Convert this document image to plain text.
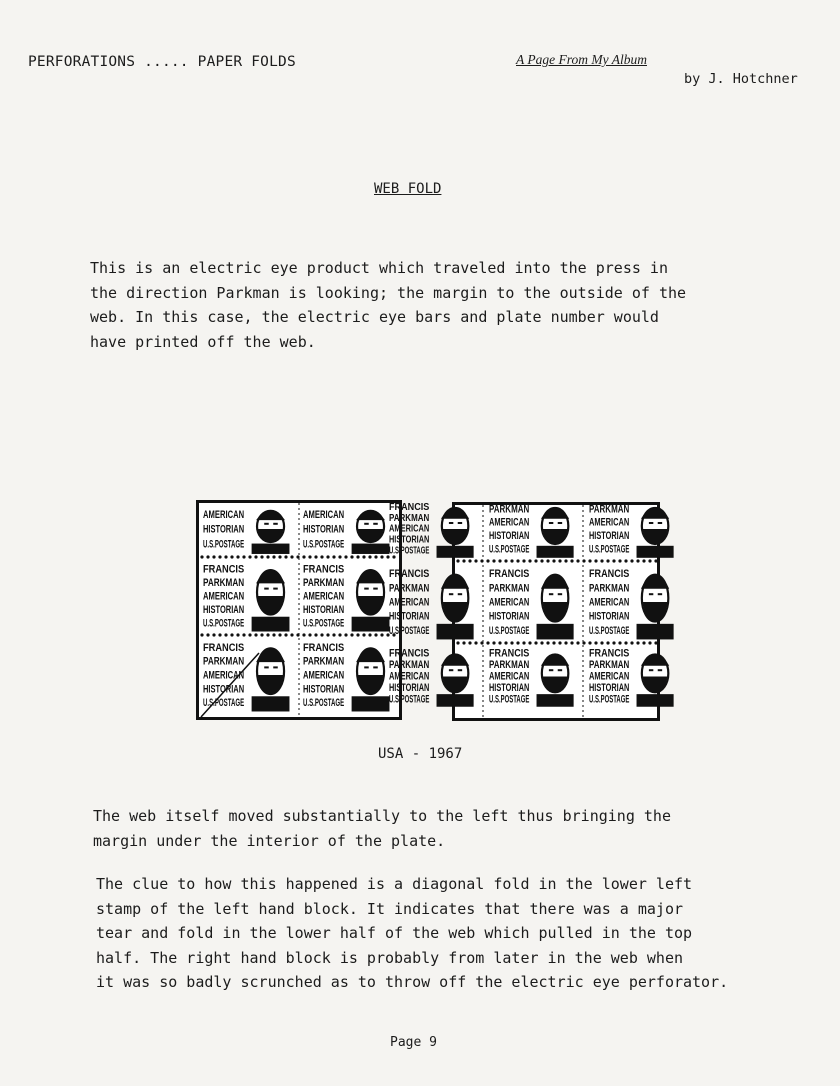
PERFORATIONS ..... PAPER FOLDS	A Page From My Album
by J. Hotchner
WEB FOLD
This is an electric eye product which traveled into the press in
the direction Parkman is looking; the margin to the outside of the
web. In this case, the electric eye bars and plate number would
have printed off the web.
AMERICAN
HISTORIAN
U.S.POSTAGE
AMERICAN
HISTORIAN
U.S.POSTAGE
FRANCIS
PARKMAN
AMERICAN
HISTORIAN
U.S.POSTAGE
FRANCIS
PARKMAN
AMERICAN
HISTORIAN
U.S.POSTAGE
FRANCIS
PARKMAN
AMERICAN
HISTORIAN
U.S.POSTAGE
FRANCIS
PARKMAN
AMERICAN
HISTORIAN
U.S.POSTAGE
PARKMAN
AMERICAN
HISTORIAN
U.S.POSTAGE
PARKMAN
AMERICAN
HISTORIAN
U.S.POSTAGE
FRANCIS
PARKMAN
AMERICAN
HISTORIAN
U.S.POSTAGE
FRANCIS
PARKMAN
AMERICAN
HISTORIAN
U.S.POSTAGE
FRANCIS
PARKMAN
AMERICAN
HISTORIAN
U.S.POSTAGE
FRANCIS
PARKMAN
AMERICAN
HISTORIAN
U.S.POSTAGE
FRANCIS
PARKMAN
AMERICAN
HISTORIAN
U.S.POSTAGE
FRANCIS
PARKMAN
AMERICAN
HISTORIAN
U.S.POSTAGE
FRANCIS
PARKMAN
AMERICAN
HISTORIAN
U.S.POSTAGE
USA - 1967
The web itself moved substantially to the left thus bringing the
margin under the interior of the plate.
The clue to how this happened is a diagonal fold in the lower left
stamp of the left hand block. It indicates that there was a major
tear and fold in the lower half of the web which pulled in the top
half. The right hand block is probably from later in the web when
it was so badly scrunched as to throw off the electric eye perforator.
Page 9
